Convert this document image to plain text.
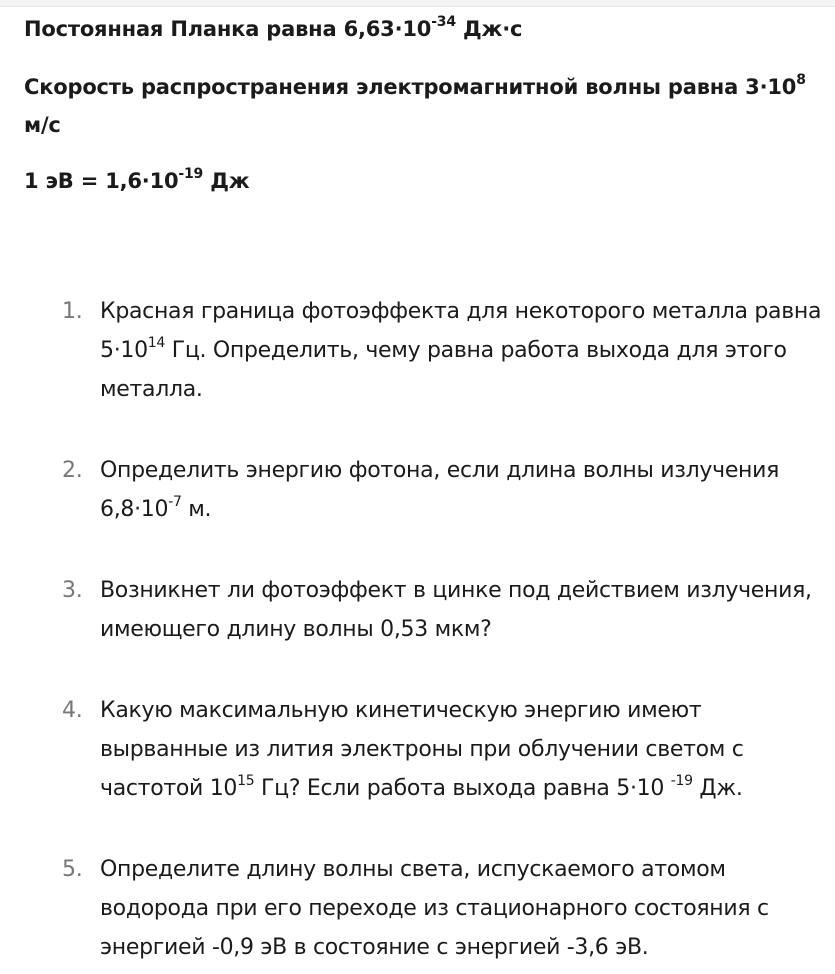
Постоянная Планка равна $6,63\cdot 10^{-34}$ Дж·с

Скорость распространения электромагнитной волны равна $3\cdot 10^8$ м/с

1 эВ = $1,6\cdot 10^{-19}$ Дж

1. Красная граница фотоэффекта для некоторого металла равна $5\cdot 10^{14}$ Гц. Определить, чему равна работа выхода для этого металла.
2. Определить энергию фотона, если длина волны излучения $6,8\cdot 10^{-7}$ м.
3. Возникнет ли фотоэффект в цинке под действием излучения, имеющего длину волны 0,53 мкм?
4. Какую максимальную кинетическую энергию имеют вырванные из лития электроны при облучении светом с частотой $10^{15}$ Гц? Если работа выхода равна 5·10 $^{-19}$ Дж.
5. Определите длину волны света, испускаемого атомом водорода при его переходе из стационарного состояния с энергией -0,9 эВ в состояние с энергией -3,6 эВ.
